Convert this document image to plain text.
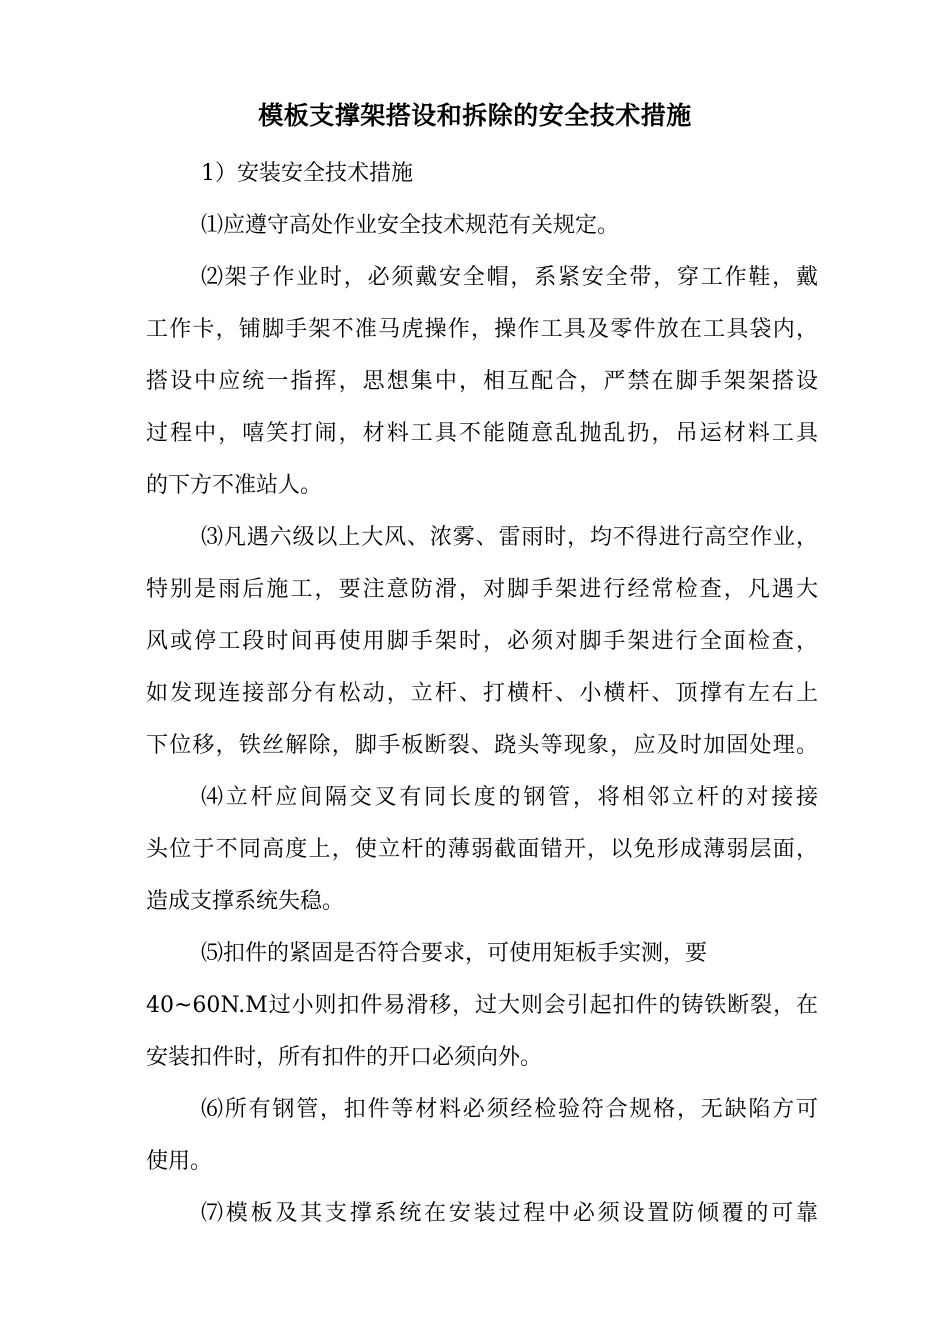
模板支撑架搭设和拆除的安全技术措施
1）安装安全技术措施
⑴应遵守高处作业安全技术规范有关规定。
⑵架子作业时，必须戴安全帽，系紧安全带，穿工作鞋，戴
工作卡，铺脚手架不准马虎操作，操作工具及零件放在工具袋内，
搭设中应统一指挥，思想集中，相互配合，严禁在脚手架架搭设
过程中，嘻笑打闹，材料工具不能随意乱抛乱扔，吊运材料工具
的下方不准站人。
⑶凡遇六级以上大风、浓雾、雷雨时，均不得进行高空作业，
特别是雨后施工，要注意防滑，对脚手架进行经常检查，凡遇大
风或停工段时间再使用脚手架时，必须对脚手架进行全面检查，
如发现连接部分有松动，立杆、打横杆、小横杆、顶撑有左右上
下位移，铁丝解除，脚手板断裂、跷头等现象，应及时加固处理。
⑷立杆应间隔交叉有同长度的钢管，将相邻立杆的对接接
头位于不同高度上，使立杆的薄弱截面错开，以免形成薄弱层面，
造成支撑系统失稳。
⑸扣件的紧固是否符合要求，可使用矩板手实测，要
40~60N.M过小则扣件易滑移，过大则会引起扣件的铸铁断裂，在
安装扣件时，所有扣件的开口必须向外。
⑹所有钢管，扣件等材料必须经检验符合规格，无缺陷方可
使用。
⑺模板及其支撑系统在安装过程中必须设置防倾覆的可靠
